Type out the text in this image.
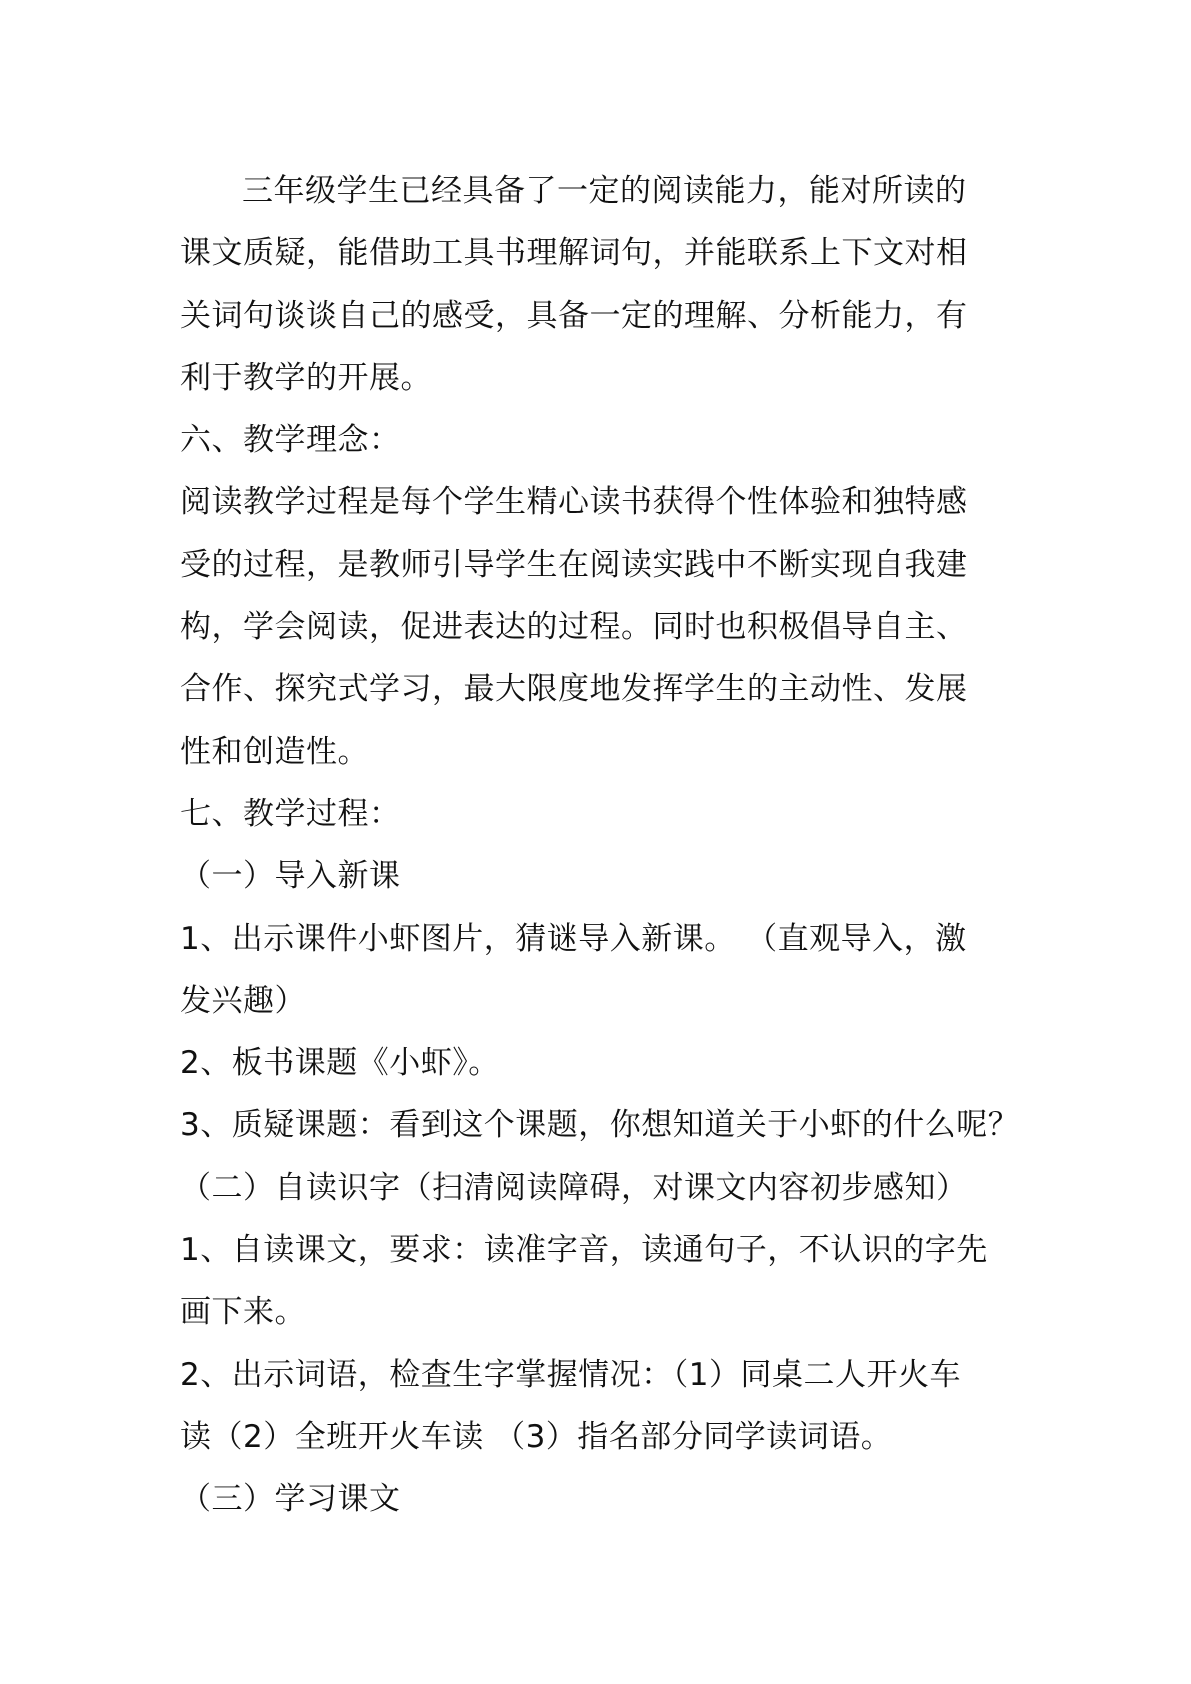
三年级学生已经具备了一定的阅读能力，能对所读的
课文质疑，能借助工具书理解词句，并能联系上下文对相
关词句谈谈自己的感受，具备一定的理解、分析能力，有
利于教学的开展。
六、教学理念：
阅读教学过程是每个学生精心读书获得个性体验和独特感
受的过程，是教师引导学生在阅读实践中不断实现自我建
构，学会阅读，促进表达的过程。同时也积极倡导自主、
合作、探究式学习，最大限度地发挥学生的主动性、发展
性和创造性。
七、教学过程：
（一）导入新课
1、出示课件小虾图片，猜谜导入新课。 （直观导入，激
发兴趣）
2、板书课题《小虾》。
3、质疑课题：看到这个课题，你想知道关于小虾的什么呢？
（二）自读识字（扫清阅读障碍，对课文内容初步感知）
1、自读课文，要求：读准字音，读通句子，不认识的字先
画下来。
2、出示词语，检查生字掌握情况：（1）同桌二人开火车
读（2）全班开火车读 （3）指名部分同学读词语。
（三）学习课文
